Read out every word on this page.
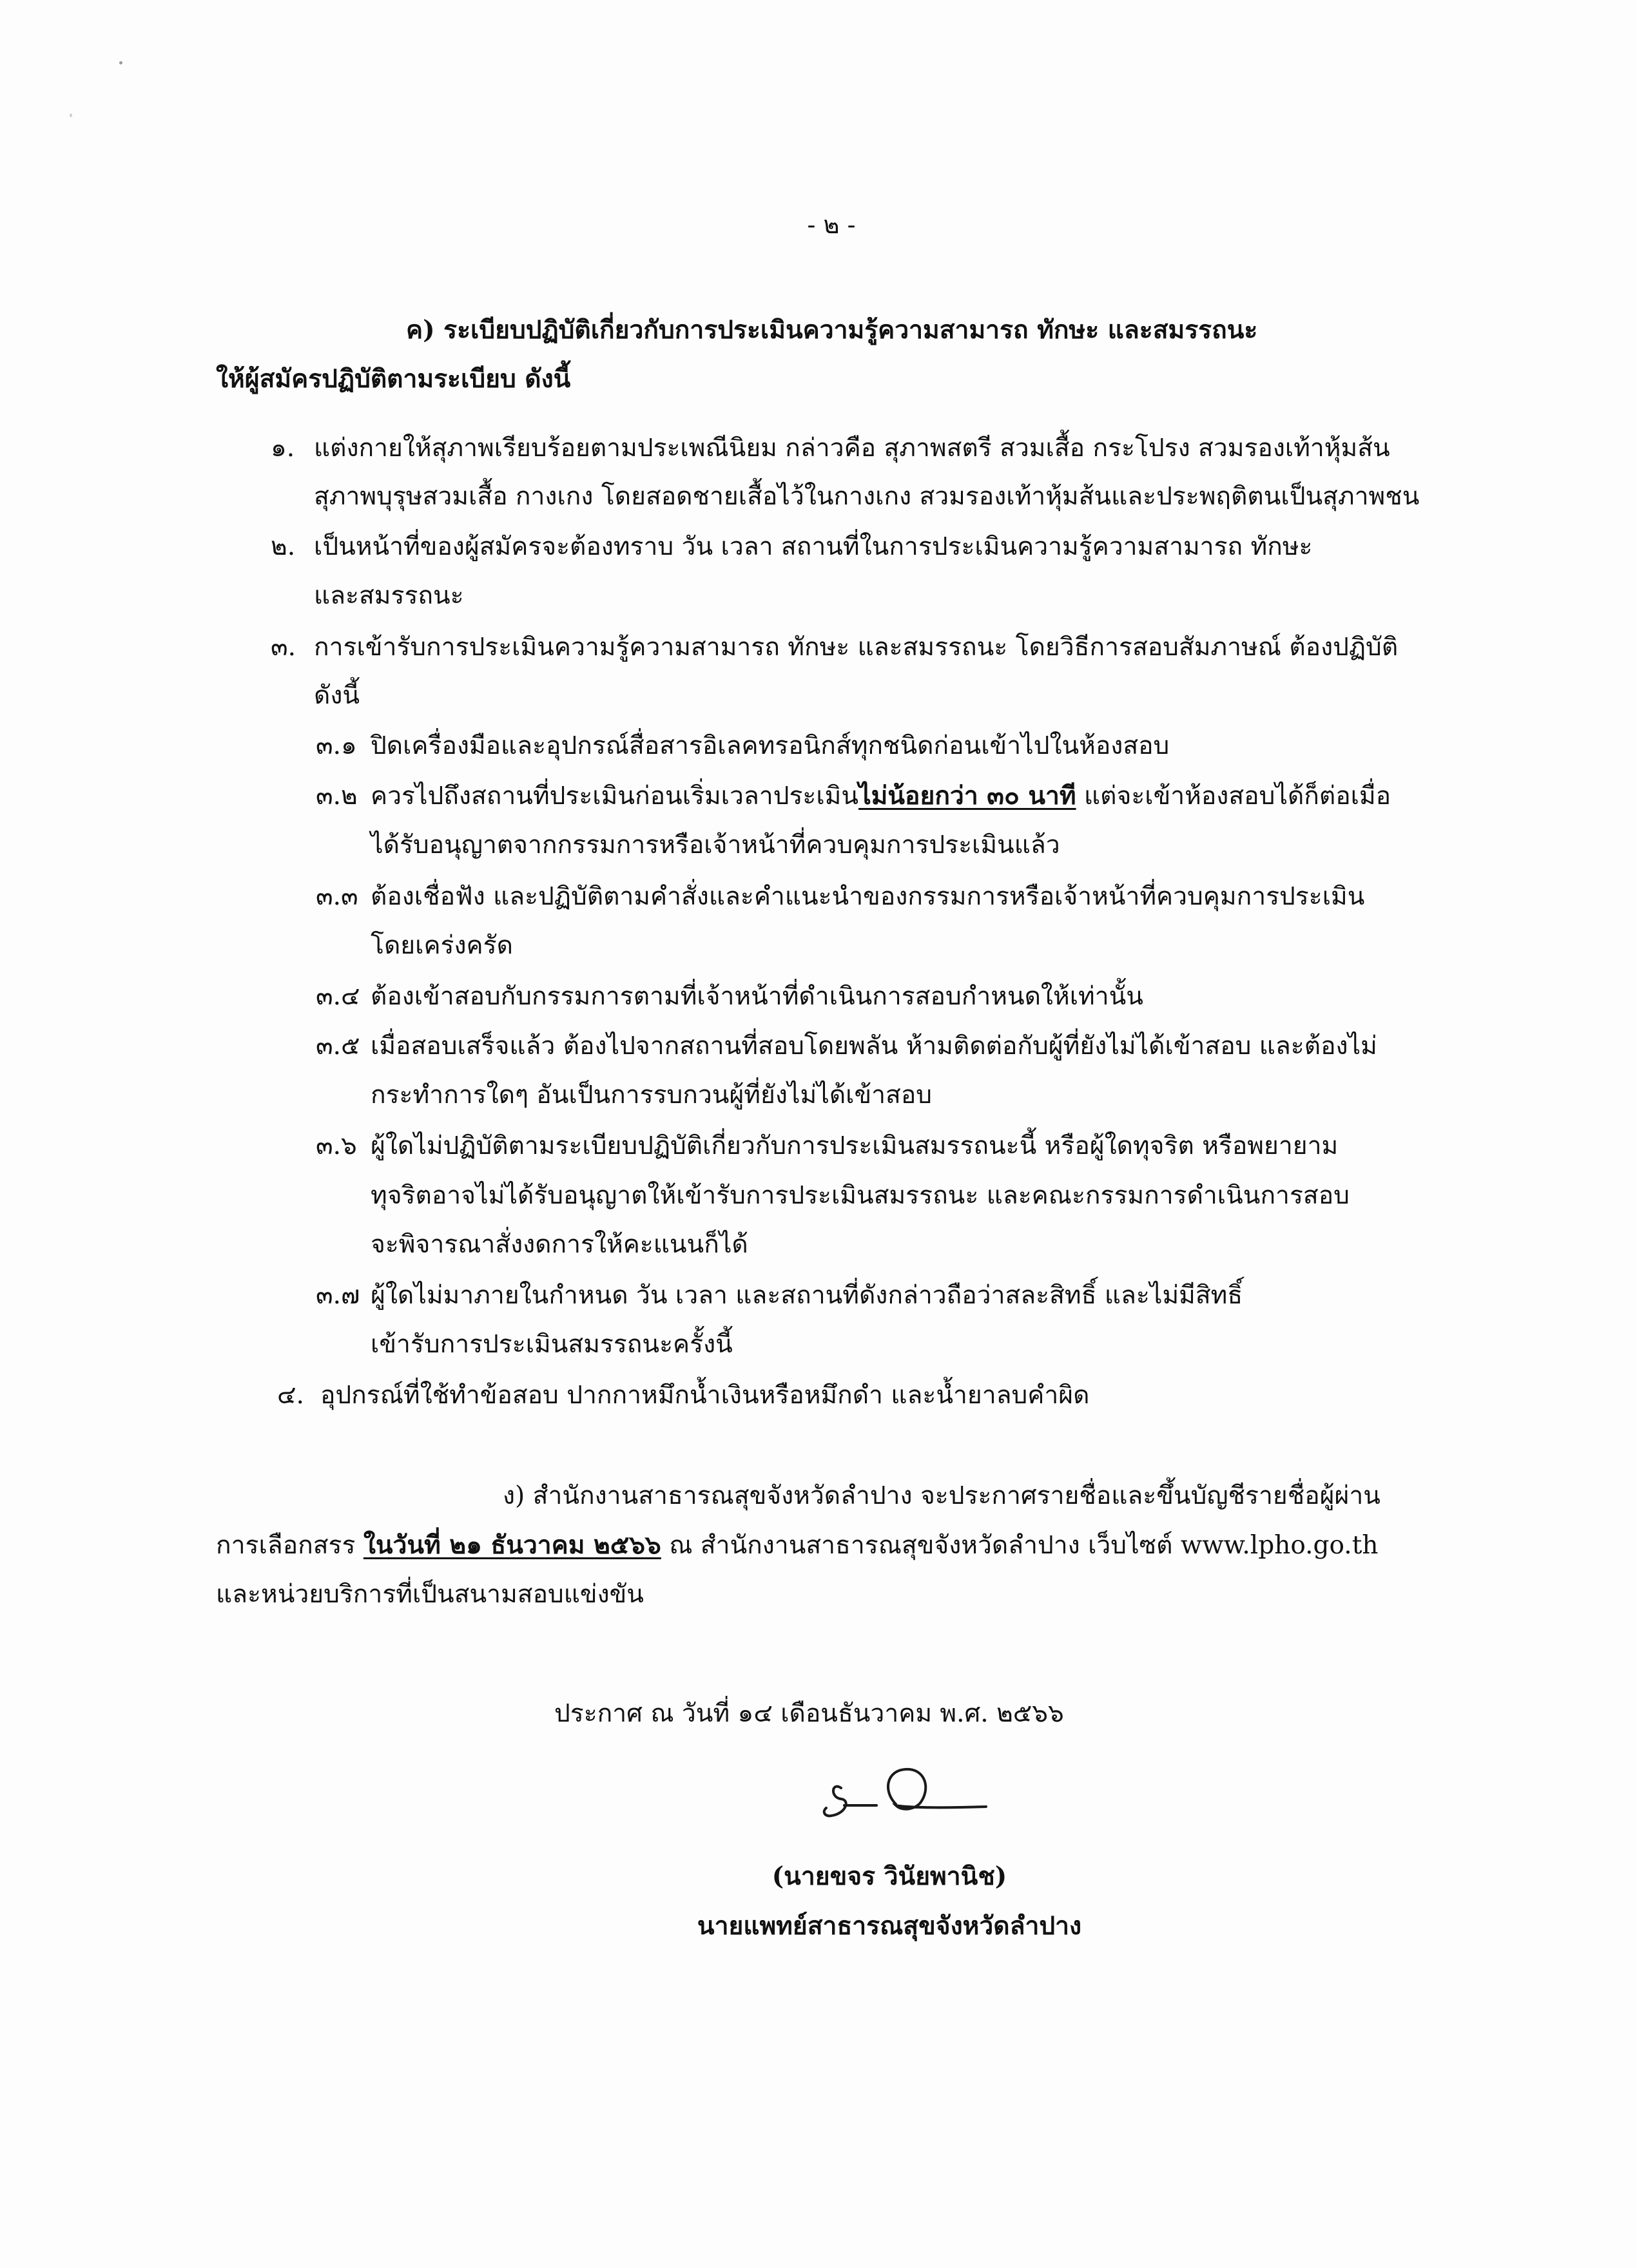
- ๒ -
ค) ระเบียบปฏิบัติเกี่ยวกับการประเมินความรู้ความสามารถ ทักษะ และสมรรถนะ
ให้ผู้สมัครปฏิบัติตามระเบียบ ดังนี้
๑. แต่งกายให้สุภาพเรียบร้อยตามประเพณีนิยม กล่าวคือ สุภาพสตรี สวมเสื้อ กระโปรง สวมรองเท้าหุ้มส้น
สุภาพบุรุษสวมเสื้อ กางเกง โดยสอดชายเสื้อไว้ในกางเกง สวมรองเท้าหุ้มส้นและประพฤติตนเป็นสุภาพชน
๒. เป็นหน้าที่ของผู้สมัครจะต้องทราบ วัน เวลา สถานที่ในการประเมินความรู้ความสามารถ ทักษะ
และสมรรถนะ
๓. การเข้ารับการประเมินความรู้ความสามารถ ทักษะ และสมรรถนะ โดยวิธีการสอบสัมภาษณ์ ต้องปฏิบัติ
ดังนี้
๓.๑ ปิดเครื่องมือและอุปกรณ์สื่อสารอิเลคทรอนิกส์ทุกชนิดก่อนเข้าไปในห้องสอบ
๓.๒ ควรไปถึงสถานที่ประเมินก่อนเริ่มเวลาประเมินไม่น้อยกว่า ๓๐ นาที แต่จะเข้าห้องสอบได้ก็ต่อเมื่อ
ได้รับอนุญาตจากกรรมการหรือเจ้าหน้าที่ควบคุมการประเมินแล้ว
๓.๓ ต้องเชื่อฟัง และปฏิบัติตามคำสั่งและคำแนะนำของกรรมการหรือเจ้าหน้าที่ควบคุมการประเมิน
โดยเคร่งครัด
๓.๔ ต้องเข้าสอบกับกรรมการตามที่เจ้าหน้าที่ดำเนินการสอบกำหนดให้เท่านั้น
๓.๕ เมื่อสอบเสร็จแล้ว ต้องไปจากสถานที่สอบโดยพลัน ห้ามติดต่อกับผู้ที่ยังไม่ได้เข้าสอบ และต้องไม่
กระทำการใดๆ อันเป็นการรบกวนผู้ที่ยังไม่ได้เข้าสอบ
๓.๖ ผู้ใดไม่ปฏิบัติตามระเบียบปฏิบัติเกี่ยวกับการประเมินสมรรถนะนี้ หรือผู้ใดทุจริต หรือพยายาม
ทุจริตอาจไม่ได้รับอนุญาตให้เข้ารับการประเมินสมรรถนะ และคณะกรรมการดำเนินการสอบ
จะพิจารณาสั่งงดการให้คะแนนก็ได้
๓.๗ ผู้ใดไม่มาภายในกำหนด วัน เวลา และสถานที่ดังกล่าวถือว่าสละสิทธิ์ และไม่มีสิทธิ์
เข้ารับการประเมินสมรรถนะครั้งนี้
๔. อุปกรณ์ที่ใช้ทำข้อสอบ ปากกาหมึกน้ำเงินหรือหมึกดำ และน้ำยาลบคำผิด
ง) สำนักงานสาธารณสุขจังหวัดลำปาง จะประกาศรายชื่อและขึ้นบัญชีรายชื่อผู้ผ่าน
การเลือกสรร ในวันที่ ๒๑ ธันวาคม ๒๕๖๖ ณ สำนักงานสาธารณสุขจังหวัดลำปาง เว็บไซต์ www.lpho.go.th
และหน่วยบริการที่เป็นสนามสอบแข่งขัน
ประกาศ ณ วันที่ ๑๔ เดือนธันวาคม พ.ศ. ๒๕๖๖
(นายขจร วินัยพานิช)
นายแพทย์สาธารณสุขจังหวัดลำปาง
